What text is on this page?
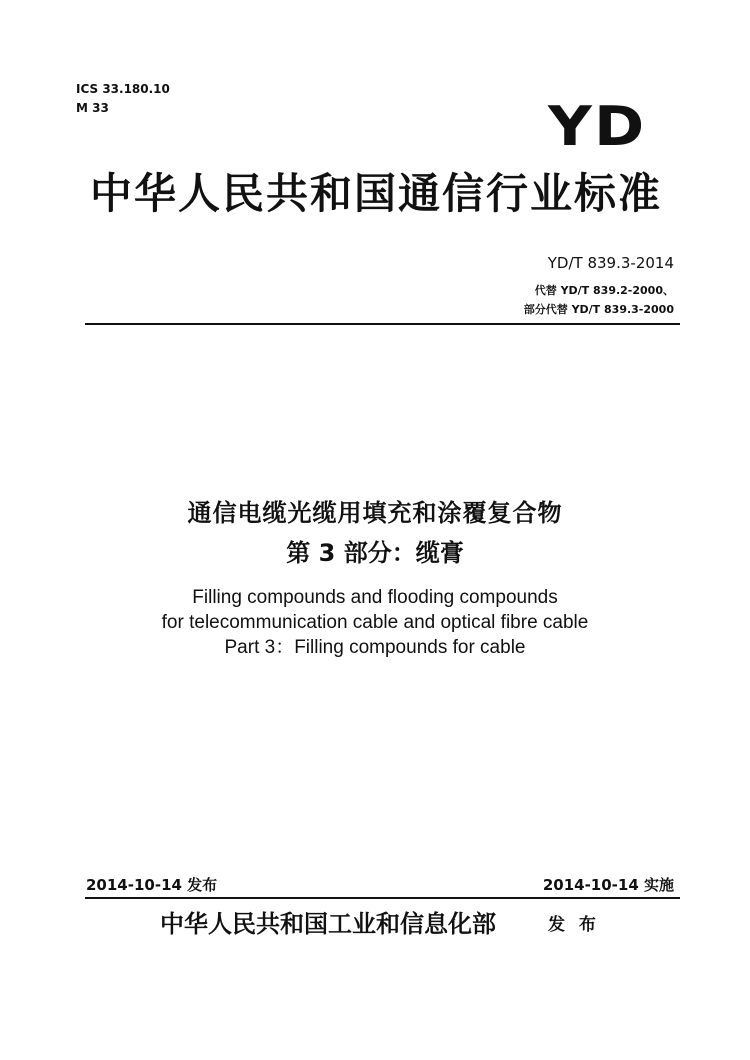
ICS 33.180.10
M 33	YD
中华人民共和国通信行业标准
YD/T 839.3-2014
代替 YD/T 839.2-2000、
部分代替 YD/T 839.3-2000
通信电缆光缆用填充和涂覆复合物
第 3 部分：缆膏
Filling compounds and flooding compounds
for telecommunication cable and optical fibre cable
Part 3：Filling compounds for cable
2014-10-14 发布	2014-10-14 实施
中华人民共和国工业和信息化部	发 布
